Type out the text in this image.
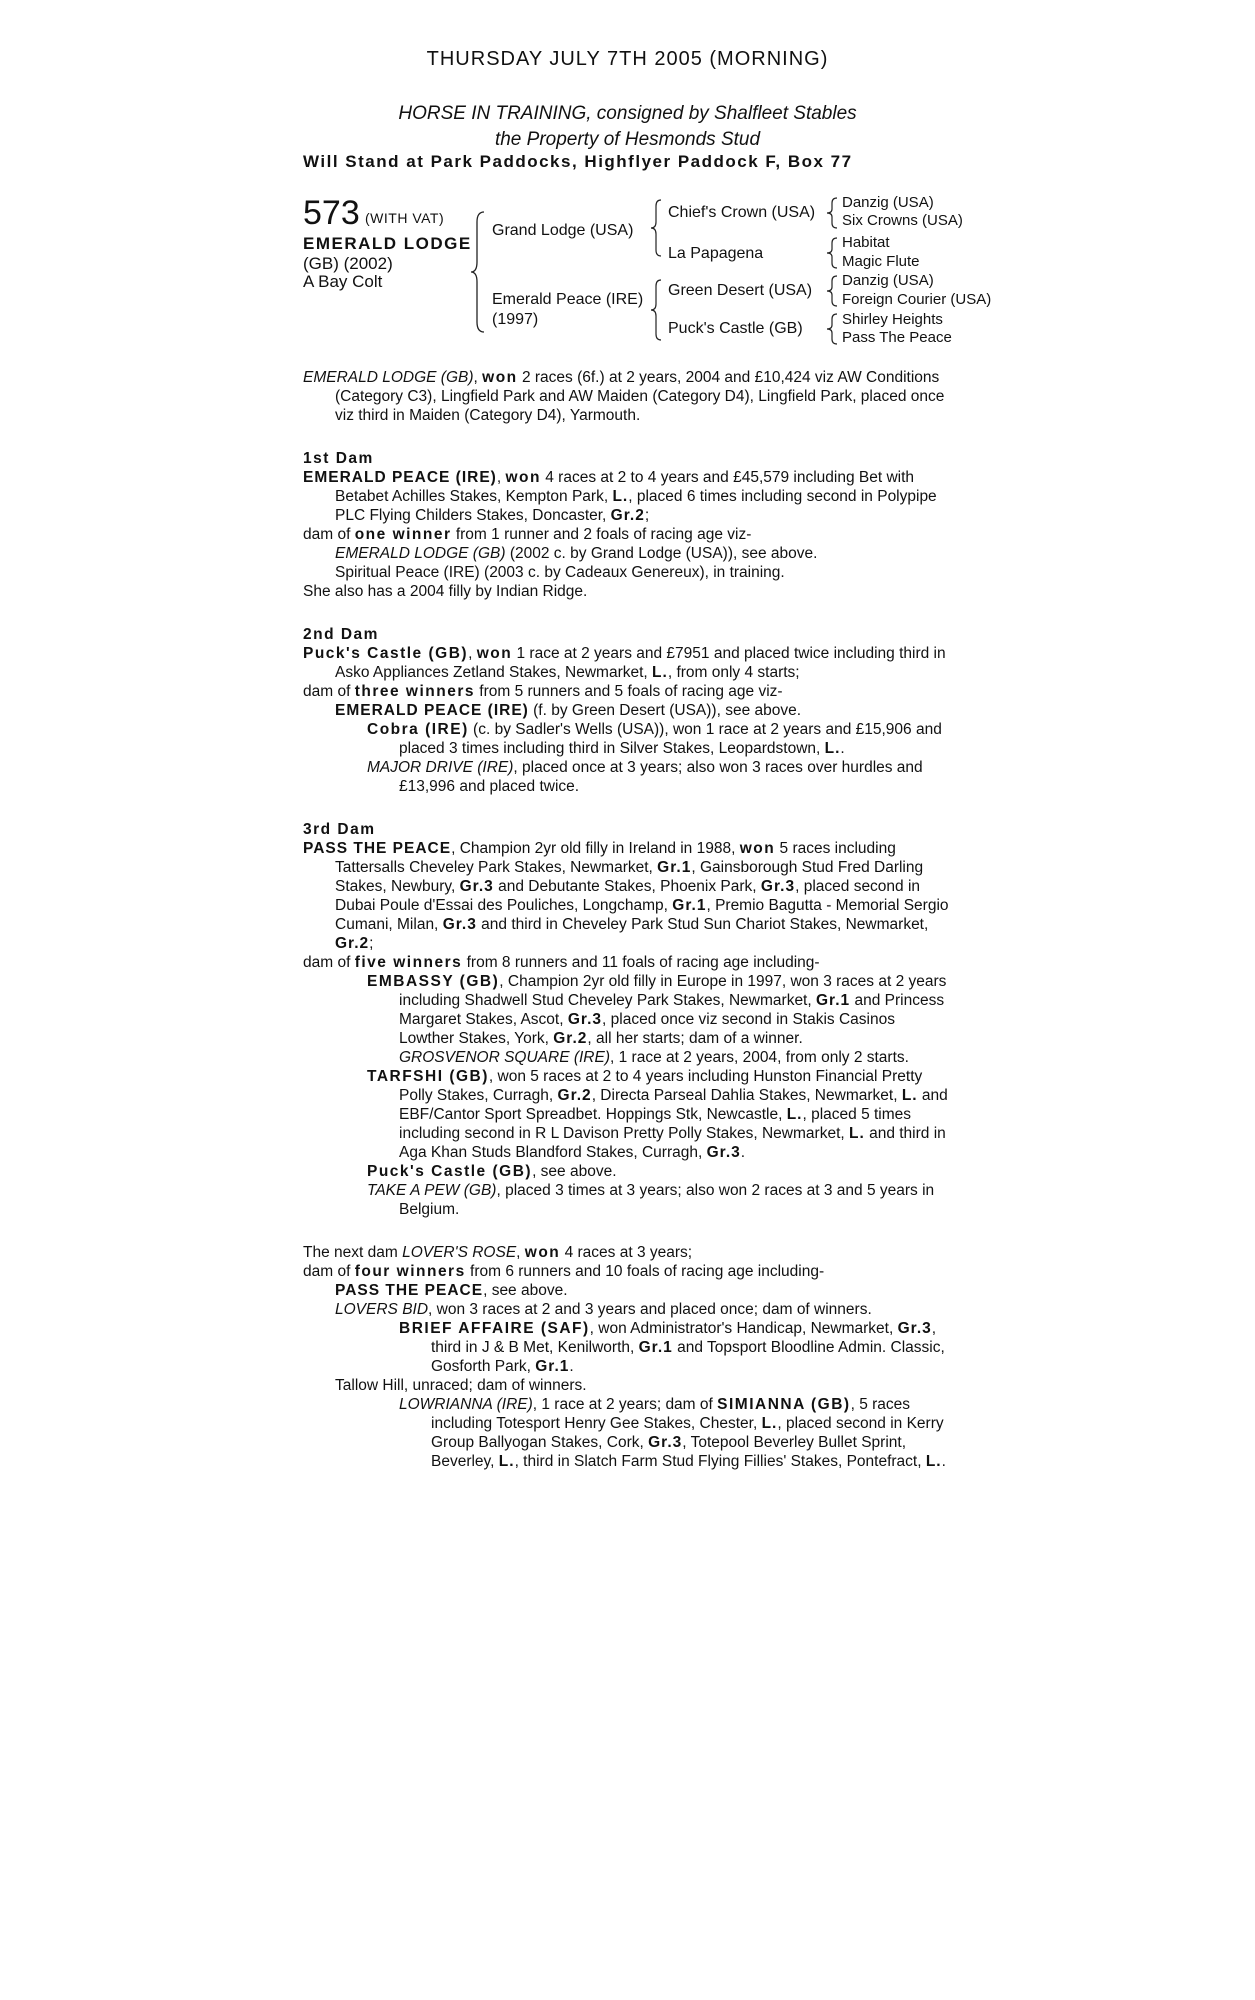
THURSDAY JULY 7TH 2005 (MORNING)
HORSE IN TRAINING, consigned by Shalfleet Stables
the Property of Hesmonds Stud
Will Stand at Park Paddocks, Highflyer Paddock F, Box 77
573 (WITH VAT)
EMERALD LODGE
(GB) (2002)
A Bay Colt
Grand Lodge (USA)
Emerald Peace (IRE)
(1997)
Chief's Crown (USA)
La Papagena
Green Desert (USA)
Puck's Castle (GB)
Danzig (USA)
Six Crowns (USA)
Habitat
Magic Flute
Danzig (USA)
Foreign Courier (USA)
Shirley Heights
Pass The Peace

EMERALD LODGE (GB), won 2 races (6f.) at 2 years, 2004 and £10,424 viz AW Conditions (Category C3), Lingfield Park and AW Maiden (Category D4), Lingfield Park, placed once viz third in Maiden (Category D4), Yarmouth.

1st Dam

EMERALD PEACE (IRE), won 4 races at 2 to 4 years and £45,579 including Bet with Betabet Achilles Stakes, Kempton Park, L., placed 6 times including second in Polypipe PLC Flying Childers Stakes, Doncaster, Gr.2;

dam of one winner from 1 runner and 2 foals of racing age viz-

EMERALD LODGE (GB) (2002 c. by Grand Lodge (USA)), see above.

Spiritual Peace (IRE) (2003 c. by Cadeaux Genereux), in training.

She also has a 2004 filly by Indian Ridge.

2nd Dam

Puck's Castle (GB), won 1 race at 2 years and £7951 and placed twice including third in Asko Appliances Zetland Stakes, Newmarket, L., from only 4 starts;

dam of three winners from 5 runners and 5 foals of racing age viz-

EMERALD PEACE (IRE) (f. by Green Desert (USA)), see above.

Cobra (IRE) (c. by Sadler's Wells (USA)), won 1 race at 2 years and £15,906 and placed 3 times including third in Silver Stakes, Leopardstown, L..

MAJOR DRIVE (IRE), placed once at 3 years; also won 3 races over hurdles and £13,996 and placed twice.

3rd Dam

PASS THE PEACE, Champion 2yr old filly in Ireland in 1988, won 5 races including Tattersalls Cheveley Park Stakes, Newmarket, Gr.1, Gainsborough Stud Fred Darling Stakes, Newbury, Gr.3 and Debutante Stakes, Phoenix Park, Gr.3, placed second in Dubai Poule d'Essai des Pouliches, Longchamp, Gr.1, Premio Bagutta - Memorial Sergio Cumani, Milan, Gr.3 and third in Cheveley Park Stud Sun Chariot Stakes, Newmarket, Gr.2;

dam of five winners from 8 runners and 11 foals of racing age including-

EMBASSY (GB), Champion 2yr old filly in Europe in 1997, won 3 races at 2 years including Shadwell Stud Cheveley Park Stakes, Newmarket, Gr.1 and Princess Margaret Stakes, Ascot, Gr.3, placed once viz second in Stakis Casinos Lowther Stakes, York, Gr.2, all her starts; dam of a winner.

GROSVENOR SQUARE (IRE), 1 race at 2 years, 2004, from only 2 starts.

TARFSHI (GB), won 5 races at 2 to 4 years including Hunston Financial Pretty Polly Stakes, Curragh, Gr.2, Directa Parseal Dahlia Stakes, Newmarket, L. and EBF/Cantor Sport Spreadbet. Hoppings Stk, Newcastle, L., placed 5 times including second in R L Davison Pretty Polly Stakes, Newmarket, L. and third in Aga Khan Studs Blandford Stakes, Curragh, Gr.3.

Puck's Castle (GB), see above.

TAKE A PEW (GB), placed 3 times at 3 years; also won 2 races at 3 and 5 years in Belgium.

The next dam LOVER'S ROSE, won 4 races at 3 years;

dam of four winners from 6 runners and 10 foals of racing age including-

PASS THE PEACE, see above.

LOVERS BID, won 3 races at 2 and 3 years and placed once; dam of winners.

BRIEF AFFAIRE (SAF), won Administrator's Handicap, Newmarket, Gr.3, third in J & B Met, Kenilworth, Gr.1 and Topsport Bloodline Admin. Classic, Gosforth Park, Gr.1.

Tallow Hill, unraced; dam of winners.

LOWRIANNA (IRE), 1 race at 2 years; dam of SIMIANNA (GB), 5 races including Totesport Henry Gee Stakes, Chester, L., placed second in Kerry Group Ballyogan Stakes, Cork, Gr.3, Totepool Beverley Bullet Sprint, Beverley, L., third in Slatch Farm Stud Flying Fillies' Stakes, Pontefract, L..
